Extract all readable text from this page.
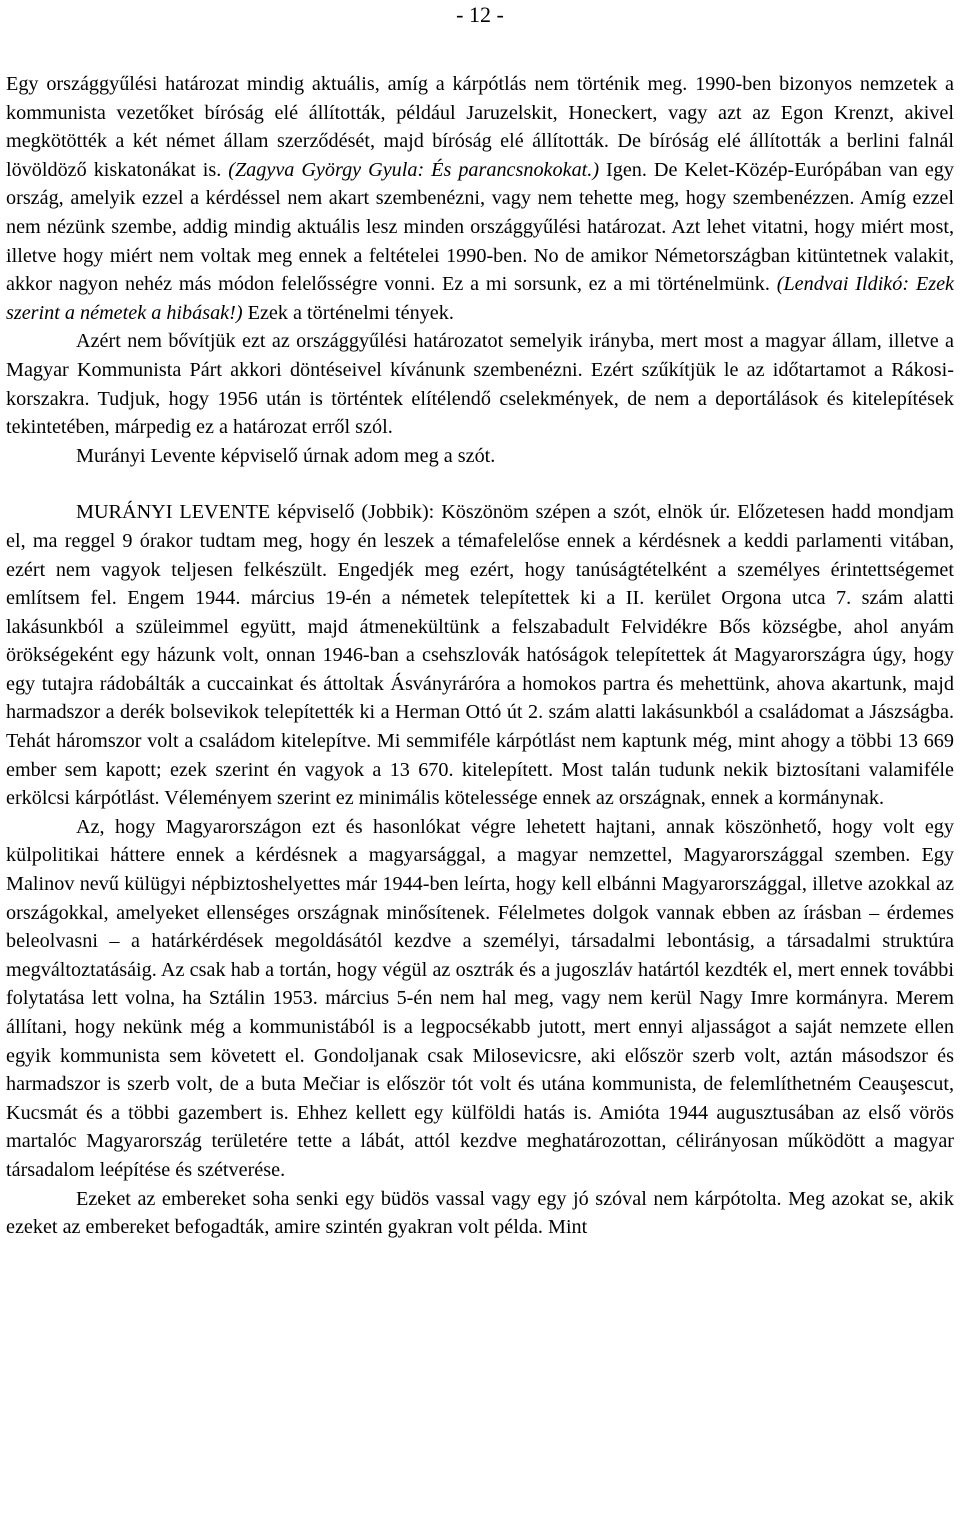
- 12 -

Egy országgyűlési határozat mindig aktuális, amíg a kárpótlás nem történik meg. 1990-ben bizonyos nemzetek a kommunista vezetőket bíróság elé állították, például Jaruzelskit, Honeckert, vagy azt az Egon Krenzt, akivel megkötötték a két német állam szerződését, majd bíróság elé állították. De bíróság elé állították a berlini falnál lövöldöző kiskatonákat is. (Zagyva György Gyula: És parancsnokokat.) Igen. De Kelet-Közép-Európában van egy ország, amelyik ezzel a kérdéssel nem akart szembenézni, vagy nem tehette meg, hogy szembenézzen. Amíg ezzel nem nézünk szembe, addig mindig aktuális lesz minden országgyűlési határozat. Azt lehet vitatni, hogy miért most, illetve hogy miért nem voltak meg ennek a feltételei 1990-ben. No de amikor Németországban kitüntetnek valakit, akkor nagyon nehéz más módon felelősségre vonni. Ez a mi sorsunk, ez a mi történelmünk. (Lendvai Ildikó: Ezek szerint a németek a hibásak!) Ezek a történelmi tények.

Azért nem bővítjük ezt az országgyűlési határozatot semelyik irányba, mert most a magyar állam, illetve a Magyar Kommunista Párt akkori döntéseivel kívánunk szembenézni. Ezért szűkítjük le az időtartamot a Rákosi-korszakra. Tudjuk, hogy 1956 után is történtek elítélendő cselekmények, de nem a deportálások és kitelepítések tekintetében, márpedig ez a határozat erről szól.

Murányi Levente képviselő úrnak adom meg a szót.

MURÁNYI LEVENTE képviselő (Jobbik): Köszönöm szépen a szót, elnök úr. Előzetesen hadd mondjam el, ma reggel 9 órakor tudtam meg, hogy én leszek a témafelelőse ennek a kérdésnek a keddi parlamenti vitában, ezért nem vagyok teljesen felkészült. Engedjék meg ezért, hogy tanúságtételként a személyes érintettségemet említsem fel. Engem 1944. március 19-én a németek telepítettek ki a II. kerület Orgona utca 7. szám alatti lakásunkból a szüleimmel együtt, majd átmenekültünk a felszabadult Felvidékre Bős községbe, ahol anyám örökségeként egy házunk volt, onnan 1946-ban a csehszlovák hatóságok telepítettek át Magyarországra úgy, hogy egy tutajra rádobálták a cuccainkat és áttoltak Ásványráróra a homokos partra és mehettünk, ahova akartunk, majd harmadszor a derék bolsevikok telepítették ki a Herman Ottó út 2. szám alatti lakásunkból a családomat a Jászságba. Tehát háromszor volt a családom kitelepítve. Mi semmiféle kárpótlást nem kaptunk még, mint ahogy a többi 13 669 ember sem kapott; ezek szerint én vagyok a 13 670. kitelepített. Most talán tudunk nekik biztosítani valamiféle erkölcsi kárpótlást. Véleményem szerint ez minimális kötelessége ennek az országnak, ennek a kormánynak.

Az, hogy Magyarországon ezt és hasonlókat végre lehetett hajtani, annak köszönhető, hogy volt egy külpolitikai háttere ennek a kérdésnek a magyarsággal, a magyar nemzettel, Magyarországgal szemben. Egy Malinov nevű külügyi népbiztoshelyettes már 1944-ben leírta, hogy kell elbánni Magyarországgal, illetve azokkal az országokkal, amelyeket ellenséges országnak minősítenek. Félelmetes dolgok vannak ebben az írásban – érdemes beleolvasni – a határkérdések megoldásától kezdve a személyi, társadalmi lebontásig, a társadalmi struktúra megváltoztatásáig. Az csak hab a tortán, hogy végül az osztrák és a jugoszláv határtól kezdték el, mert ennek további folytatása lett volna, ha Sztálin 1953. március 5-én nem hal meg, vagy nem kerül Nagy Imre kormányra. Merem állítani, hogy nekünk még a kommunistából is a legpocsékabb jutott, mert ennyi aljasságot a saját nemzete ellen egyik kommunista sem követett el. Gondoljanak csak Milosevicsre, aki először szerb volt, aztán másodszor és harmadszor is szerb volt, de a buta Mečiar is először tót volt és utána kommunista, de felemlíthetném Ceauşescut, Kucsmát és a többi gazembert is. Ehhez kellett egy külföldi hatás is. Amióta 1944 augusztusában az első vörös martalóc Magyarország területére tette a lábát, attól kezdve meghatározottan, célirányosan működött a magyar társadalom leépítése és szétverése.

Ezeket az embereket soha senki egy büdös vassal vagy egy jó szóval nem kárpótolta. Meg azokat se, akik ezeket az embereket befogadták, amire szintén gyakran volt példa. Mint
